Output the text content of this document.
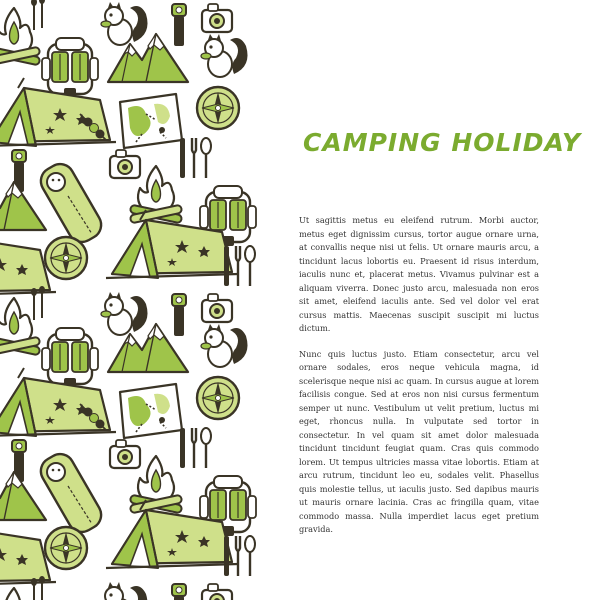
CAMPING HOLIDAY

Ut sagittis metus eu eleifend rutrum. Morbi auctor, metus eget dignissim cursus, tortor augue ornare urna, at convallis neque nisi ut felis. Ut ornare mauris arcu, a tincidunt lacus lobortis eu. Praesent id risus interdum, iaculis nunc et, placerat metus. Vivamus pulvinar est a aliquam viverra. Donec justo arcu, malesuada non eros sit amet, eleifend iaculis ante. Sed vel dolor vel erat cursus mattis. Maecenas suscipit suscipit mi luctus dictum.

Nunc quis luctus justo. Etiam consectetur, arcu vel ornare sodales, eros neque vehicula magna, id scelerisque neque nisi ac quam. In cursus augue at lorem facilisis congue. Sed at eros non nisi cursus fermentum semper ut nunc. Vestibulum ut velit pretium, luctus mi eget, rhoncus nulla. In vulputate sed tortor in consectetur. In vel quam sit amet dolor malesuada tincidunt tincidunt feugiat quam. Cras quis commodo lorem. Ut tempus ultricies massa vitae lobortis. Etiam at arcu rutrum, tincidunt leo eu, sodales velit. Phasellus quis molestie tellus, ut iaculis justo. Sed dapibus mauris ut mauris ornare lacinia. Cras ac fringilla quam, vitae commodo massa. Nulla imperdiet lacus eget pretium gravida.
